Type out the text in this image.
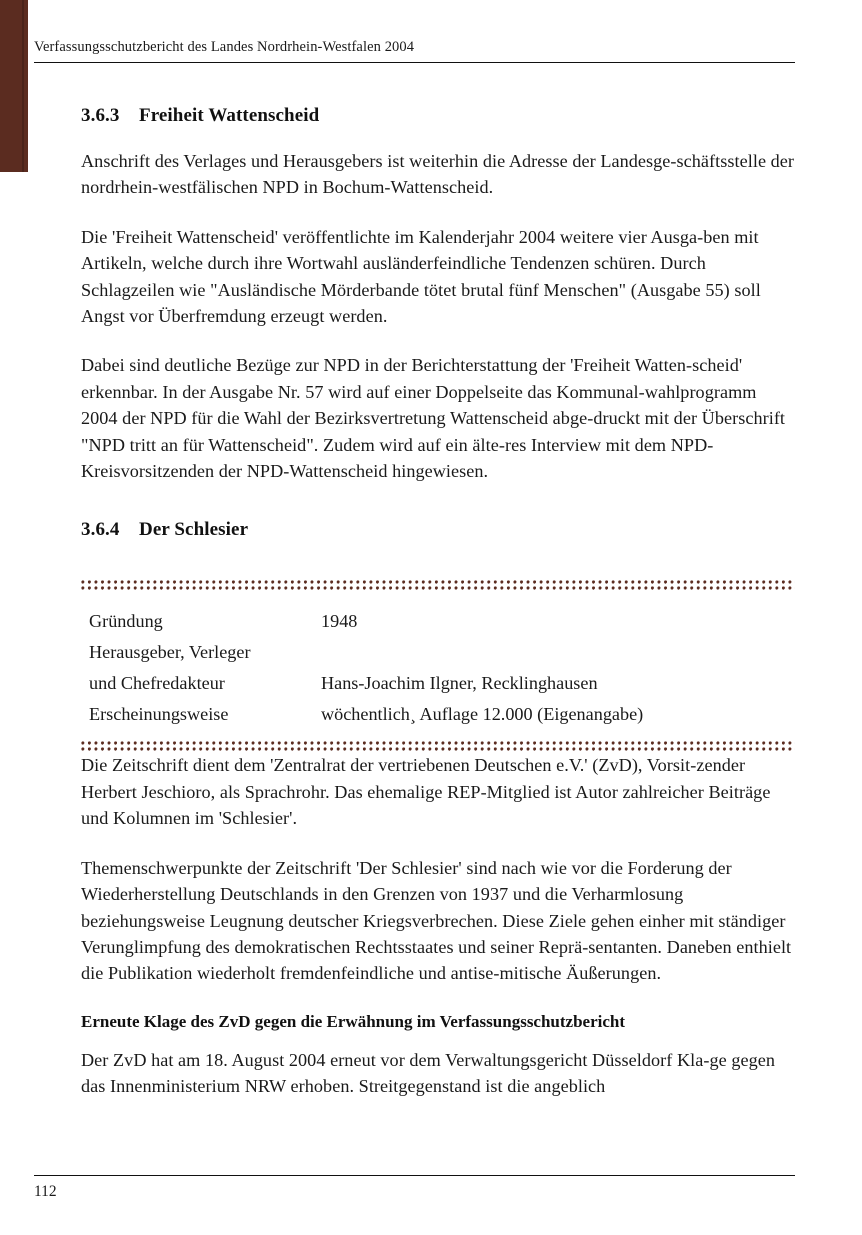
Verfassungsschutzbericht des Landes Nordrhein-Westfalen 2004
3.6.3 Freiheit Wattenscheid

Anschrift des Verlages und Herausgebers ist weiterhin die Adresse der Landesge-schäftsstelle der nordrhein-westfälischen NPD in Bochum-Wattenscheid.

Die 'Freiheit Wattenscheid' veröffentlichte im Kalenderjahr 2004 weitere vier Ausga-ben mit Artikeln, welche durch ihre Wortwahl ausländerfeindliche Tendenzen schüren. Durch Schlagzeilen wie "Ausländische Mörderbande tötet brutal fünf Menschen" (Ausgabe 55) soll Angst vor Überfremdung erzeugt werden.

Dabei sind deutliche Bezüge zur NPD in der Berichterstattung der 'Freiheit Watten-scheid' erkennbar. In der Ausgabe Nr. 57 wird auf einer Doppelseite das Kommunal-wahlprogramm 2004 der NPD für die Wahl der Bezirksvertretung Wattenscheid abge-druckt mit der Überschrift "NPD tritt an für Wattenscheid". Zudem wird auf ein älte-res Interview mit dem NPD-Kreisvorsitzenden der NPD-Wattenscheid hingewiesen.

3.6.4 Der Schlesier
Gründung	1948
Herausgeber, Verleger	
und Chefredakteur	Hans-Joachim Ilgner, Recklinghausen
Erscheinungsweise	wöchentlich¸ Auflage 12.000 (Eigenangabe)

Die Zeitschrift dient dem 'Zentralrat der vertriebenen Deutschen e.V.' (ZvD), Vorsit-zender Herbert Jeschioro, als Sprachrohr. Das ehemalige REP-Mitglied ist Autor zahlreicher Beiträge und Kolumnen im 'Schlesier'.

Themenschwerpunkte der Zeitschrift 'Der Schlesier' sind nach wie vor die Forderung der Wiederherstellung Deutschlands in den Grenzen von 1937 und die Verharmlosung beziehungsweise Leugnung deutscher Kriegsverbrechen. Diese Ziele gehen einher mit ständiger Verunglimpfung des demokratischen Rechtsstaates und seiner Reprä-sentanten. Daneben enthielt die Publikation wiederholt fremdenfeindliche und antise-mitische Äußerungen.

Erneute Klage des ZvD gegen die Erwähnung im Verfassungsschutzbericht

Der ZvD hat am 18. August 2004 erneut vor dem Verwaltungsgericht Düsseldorf Kla-ge gegen das Innenministerium NRW erhoben. Streitgegenstand ist die angeblich

112
